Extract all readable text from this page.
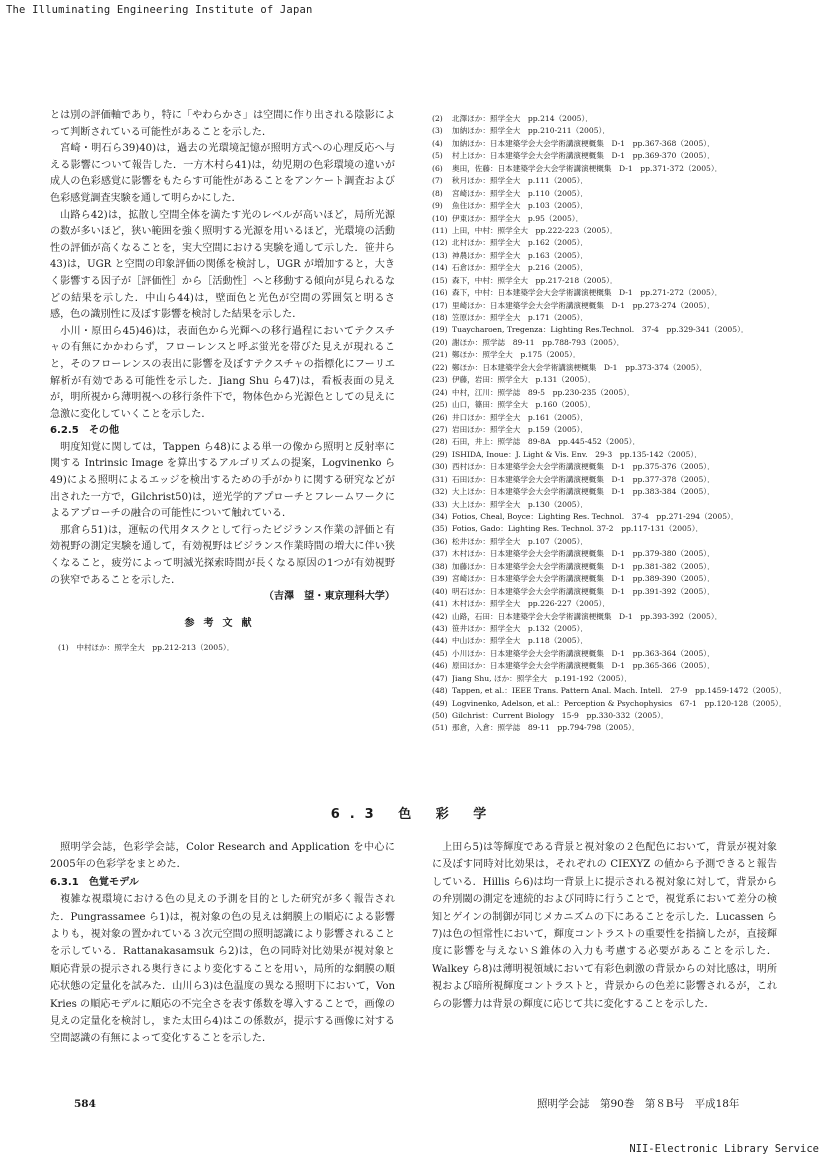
The Illuminating Engineering Institute of Japan

とは別の評価軸であり，特に「やわらかさ」は空間に作り出される陰影によって判断されている可能性があることを示した．

宮崎・明石ら39)40)は，過去の光環境記憶が照明方式への心理反応へ与える影響について報告した．一方木村ら41)は，幼児期の色彩環境の違いが成人の色彩感覚に影響をもたらす可能性があることをアンケート調査および色彩感覚調査実験を通して明らかにした．

山路ら42)は，拡散し空間全体を満たす光のレベルが高いほど，局所光源の数が多いほど，狭い範囲を強く照明する光源を用いるほど，光環境の活動性の評価が高くなることを，実大空間における実験を通して示した．笹井ら43)は，UGR と空間の印象評価の関係を検討し，UGR が増加すると，大きく影響する因子が［評価性］から［活動性］へと移動する傾向が見られるなどの結果を示した．中山ら44)は，壁面色と光色が空間の雰囲気と明るさ感，色の識別性に及ぼす影響を検討した結果を示した．

小川・原田ら45)46)は，表面色から光輝への移行過程においてテクスチャの有無にかかわらず，フローレンスと呼ぶ蛍光を帯びた見えが現れること，そのフローレンスの表出に影響を及ぼすテクスチャの指標化にフーリエ解析が有効である可能性を示した．Jiang Shu ら47)は，看板表面の見えが，明所視から薄明視への移行条件下で，物体色から光源色としての見えに急激に変化していくことを示した．

6.2.5　その他

明度知覚に関しては，Tappen ら48)による単一の像から照明と反射率に関する Intrinsic Image を算出するアルゴリズムの提案，Logvinenko ら49)による照明によるエッジを検出するための手がかりに関する研究などが出された一方で，Gilchrist50)は，逆光学的アプローチとフレームワークによるアプローチの融合の可能性について触れている．

那倉ら51)は，運転の代用タスクとして行ったビジランス作業の評価と有効視野の測定実験を通して，有効視野はビジランス作業時間の増大に伴い狭くなること，疲労によって明滅光探索時間が長くなる原因の1つが有効視野の狭窄であることを示した．

（吉澤　望・東京理科大学）
参考文献
(1)　中村ほか：照学全大　pp.212-213（2005）．
(2)	北澤ほか：照学全大　pp.214（2005）．
(3)	加納ほか：照学全大　pp.210-211（2005）．
(4)	加納ほか：日本建築学会大会学術講演梗概集　D-1　pp.367-368（2005）．
(5)	村上ほか：日本建築学会大会学術講演梗概集　D-1　pp.369-370（2005）．
(6)	奥田，佐藤：日本建築学会大会学術講演梗概集　D-1　pp.371-372（2005）．
(7)	秋月ほか：照学全大　p.111（2005）．
(8)	宮崎ほか：照学全大　p.110（2005）．
(9)	魚住ほか：照学全大　p.103（2005）．
(10) 伊東ほか：照学全大　p.95（2005）．
(11) 上田，中村：照学全大　pp.222-223（2005）．
(12) 北村ほか：照学全大　p.162（2005）．
(13) 神農ほか：照学全大　p.163（2005）．
(14) 石倉ほか：照学全大　p.216（2005）．
(15) 森下，中村：照学全大　pp.217-218（2005）．
(16) 森下，中村：日本建築学会大会学術講演梗概集　D-1　pp.271-272（2005）．
(17) 里崎ほか：日本建築学会大会学術講演梗概集　D-1　pp.273-274（2005）．
(18) 笠原ほか：照学全大　p.171（2005）．
(19) Tuaycharoen, Tregenza：Lighting Res.Technol.　37-4　pp.329-341（2005）．
(20) 謝ほか：照学誌　89-11　pp.788-793（2005）．
(21) 鄭ほか：照学全大　p.175（2005）．
(22) 鄭ほか：日本建築学会大会学術講演梗概集　D-1　pp.373-374（2005）．
(23) 伊藤，岩田：照学全大　p.131（2005）．
(24) 中村，江川：照学誌　89-5　pp.230-235（2005）．
(25) 山口，篠田：照学全大　p.160（2005）．
(26) 井口ほか：照学全大　p.161（2005）．
(27) 岩田ほか：照学全大　p.159（2005）．
(28) 石田，井上：照学誌　89-8A　pp.445-452（2005）．
(29) ISHIDA, Inoue：J. Light & Vis. Env.　29-3　pp.135-142（2005）．
(30) 西村ほか：日本建築学会大会学術講演梗概集　D-1　pp.375-376（2005）．
(31) 石田ほか：日本建築学会大会学術講演梗概集　D-1　pp.377-378（2005）．
(32) 大上ほか：日本建築学会大会学術講演梗概集　D-1　pp.383-384（2005）．
(33) 大上ほか：照学全大　p.130（2005）．
(34) Fotios, Cheal, Boyce：Lighting Res. Technol.　37-4　pp.271-294（2005）．
(35) Fotios, Gado：Lighting Res. Technol. 37-2　pp.117-131（2005）．
(36) 松井ほか：照学全大　p.107（2005）．
(37) 木村ほか：日本建築学会大会学術講演梗概集　D-1　pp.379-380（2005）．
(38) 加藤ほか：日本建築学会大会学術講演梗概集　D-1　pp.381-382（2005）．
(39) 宮崎ほか：日本建築学会大会学術講演梗概集　D-1　pp.389-390（2005）．
(40) 明石ほか：日本建築学会大会学術講演梗概集　D-1　pp.391-392（2005）．
(41) 木村ほか：照学全大　pp.226-227（2005）．
(42) 山路，石田：日本建築学会大会学術講演梗概集　D-1　pp.393-392（2005）．
(43) 笹井ほか：照学全大　p.132（2005）．
(44) 中山ほか：照学全大　p.118（2005）．
(45) 小川ほか：日本建築学会大会学術講演梗概集　D-1　pp.363-364（2005）．
(46) 原田ほか：日本建築学会大会学術講演梗概集　D-1　pp.365-366（2005）．
(47) Jiang Shu, ほか：照学全大　p.191-192（2005）．
(48) Tappen, et al.：IEEE Trans. Pattern Anal. Mach. Intell.　27-9　pp.1459-1472（2005）．
(49) Logvinenko, Adelson, et al.：Perception & Psychophysics　67-1　pp.120-128（2005）．
(50) Gilchrist：Current Biology　15-9　pp.330-332（2005）．
(51) 那倉，入倉：照学誌　89-11　pp.794-798（2005）．
6.3 色 彩 学

照明学会誌，色彩学会誌，Color Research and Application を中心に2005年の色彩学をまとめた．

6.3.1　色覚モデル

複雑な視環境における色の見えの予測を目的とした研究が多く報告された．Pungrassamee ら1)は，視対象の色の見えは網膜上の順応による影響よりも，視対象の置かれている３次元空間の照明認識により影響されることを示している．Rattanakasamsuk ら2)は，色の同時対比効果が視対象と順応背景の提示される奥行きにより変化することを用い，局所的な網膜の順応状態の定量化を試みた．山川ら3)は色温度の異なる照明下において，Von Kries の順応モデルに順応の不完全さを表す係数を導入することで，画像の見えの定量化を検討し，また太田ら4)はこの係数が，提示する画像に対する空間認識の有無によって変化することを示した．

上田ら5)は等輝度である背景と視対象の２色配色において，背景が視対象に及ぼす同時対比効果は，それぞれの CIEXYZ の値から予測できると報告している．Hillis ら6)は均一背景上に提示される視対象に対して，背景からの弁別閾の測定を連続的および同時に行うことで，視覚系において差分の検知とゲインの制御が同じメカニズムの下にあることを示した．Lucassen ら7)は色の恒常性において，輝度コントラストの重要性を指摘したが，直接輝度に影響を与えないＳ錐体の入力も考慮する必要があることを示した．Walkey ら8)は薄明視領域において有彩色刺激の背景からの対比感は，明所視および暗所視輝度コントラストと，背景からの色差に影響されるが，これらの影響力は背景の輝度に応じて共に変化することを示した．

584	照明学会誌　第90巻　第８B号　平成18年
NII-Electronic Library Service
